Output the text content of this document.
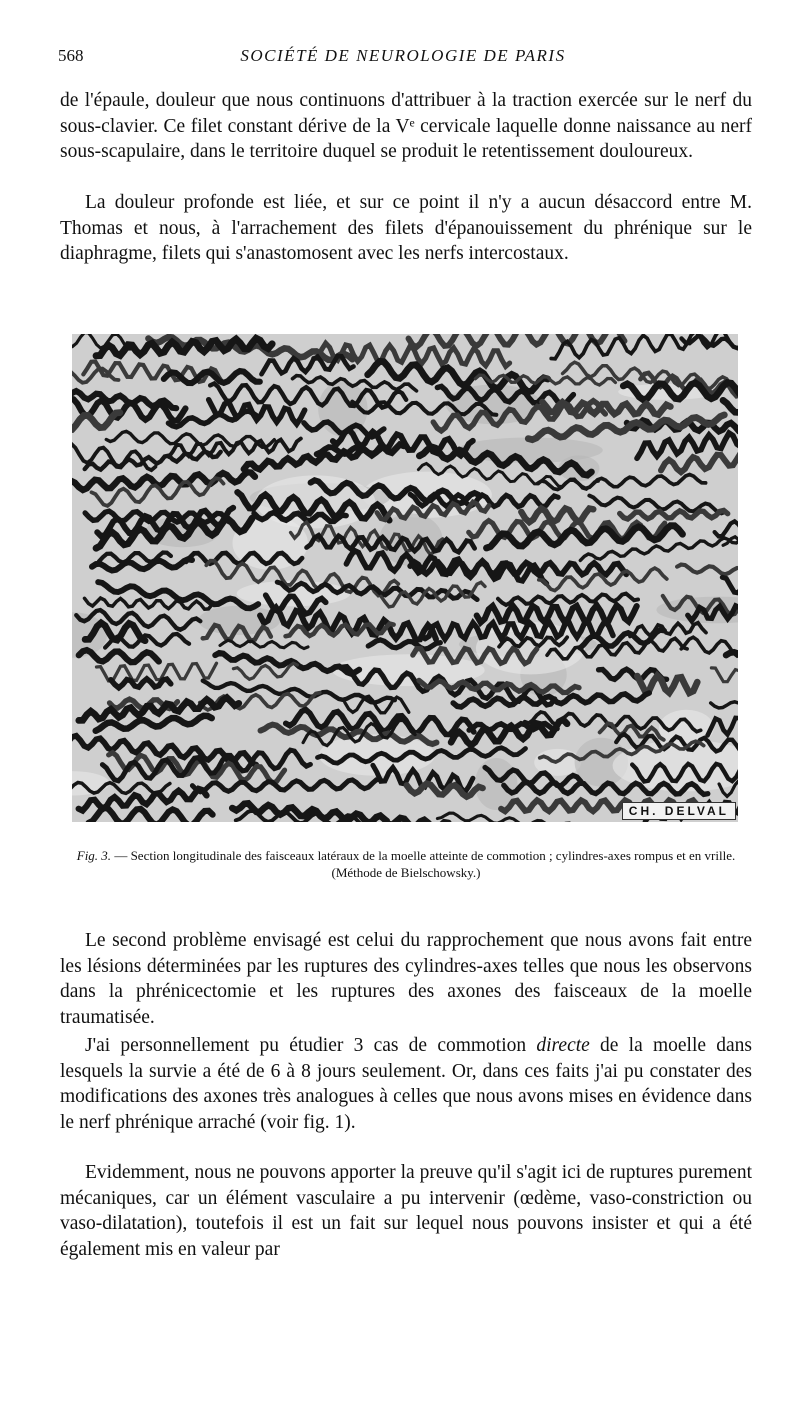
568	SOCIÉTÉ DE NEUROLOGIE DE PARIS

de l'épaule, douleur que nous continuons d'attribuer à la traction exercée sur le nerf du sous-clavier. Ce filet constant dérive de la Vᵉ cervicale laquelle donne naissance au nerf sous-scapulaire, dans le territoire duquel se produit le retentissement douloureux.

La douleur profonde est liée, et sur ce point il n'y a aucun désaccord entre M. Thomas et nous, à l'arrachement des filets d'épanouissement du phrénique sur le diaphragme, filets qui s'anastomosent avec les nerfs intercostaux.

CH. DELVAL

Fig. 3. — Section longitudinale des faisceaux latéraux de la moelle atteinte de commotion ; cylindres-axes rompus et en vrille. (Méthode de Bielschowsky.)

Le second problème envisagé est celui du rapprochement que nous avons fait entre les lésions déterminées par les ruptures des cylindres-axes telles que nous les observons dans la phrénicectomie et les ruptures des axones des faisceaux de la moelle traumatisée.

J'ai personnellement pu étudier 3 cas de commotion directe de la moelle dans lesquels la survie a été de 6 à 8 jours seulement. Or, dans ces faits j'ai pu constater des modifications des axones très analogues à celles que nous avons mises en évidence dans le nerf phrénique arraché (voir fig. 1).

Evidemment, nous ne pouvons apporter la preuve qu'il s'agit ici de ruptures purement mécaniques, car un élément vasculaire a pu intervenir (œdème, vaso-constriction ou vaso-dilatation), toutefois il est un fait sur lequel nous pouvons insister et qui a été également mis en valeur par
